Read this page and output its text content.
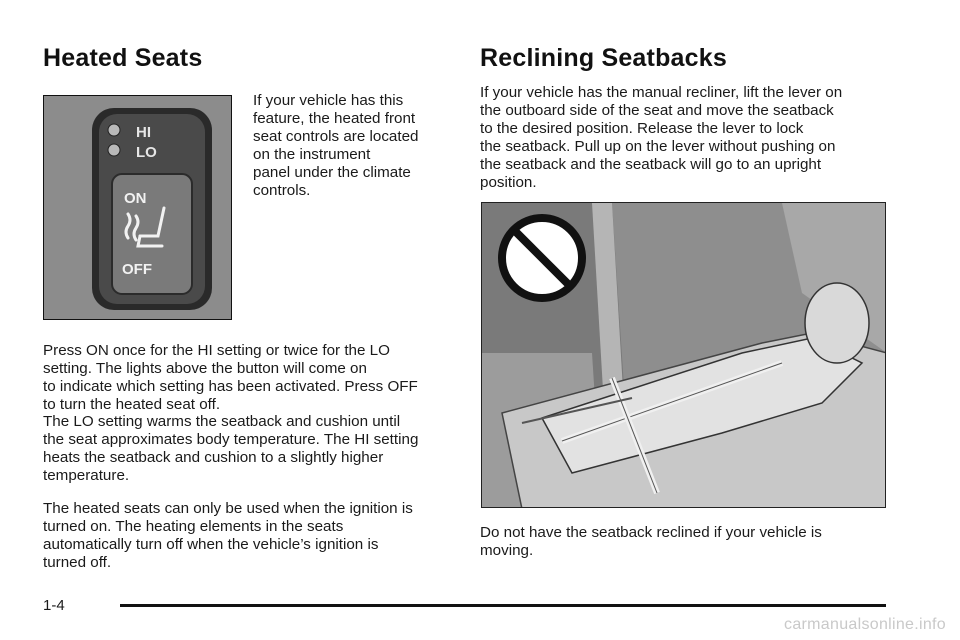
Heated Seats
HI
LO
ON
OFF
If your vehicle has this
feature, the heated front
seat controls are located
on the instrument
panel under the climate
controls.
Press ON once for the HI setting or twice for the LO
setting. The lights above the button will come on
to indicate which setting has been activated. Press OFF
to turn the heated seat off.
The LO setting warms the seatback and cushion until
the seat approximates body temperature. The HI setting
heats the seatback and cushion to a slightly higher
temperature.
The heated seats can only be used when the ignition is
turned on. The heating elements in the seats
automatically turn off when the vehicle’s ignition is
turned off.
Reclining Seatbacks
If your vehicle has the manual recliner, lift the lever on
the outboard side of the seat and move the seatback
to the desired position. Release the lever to lock
the seatback. Pull up on the lever without pushing on
the seatback and the seatback will go to an upright
position.
Do not have the seatback reclined if your vehicle is
moving.
1-4
carmanualsonline.info
